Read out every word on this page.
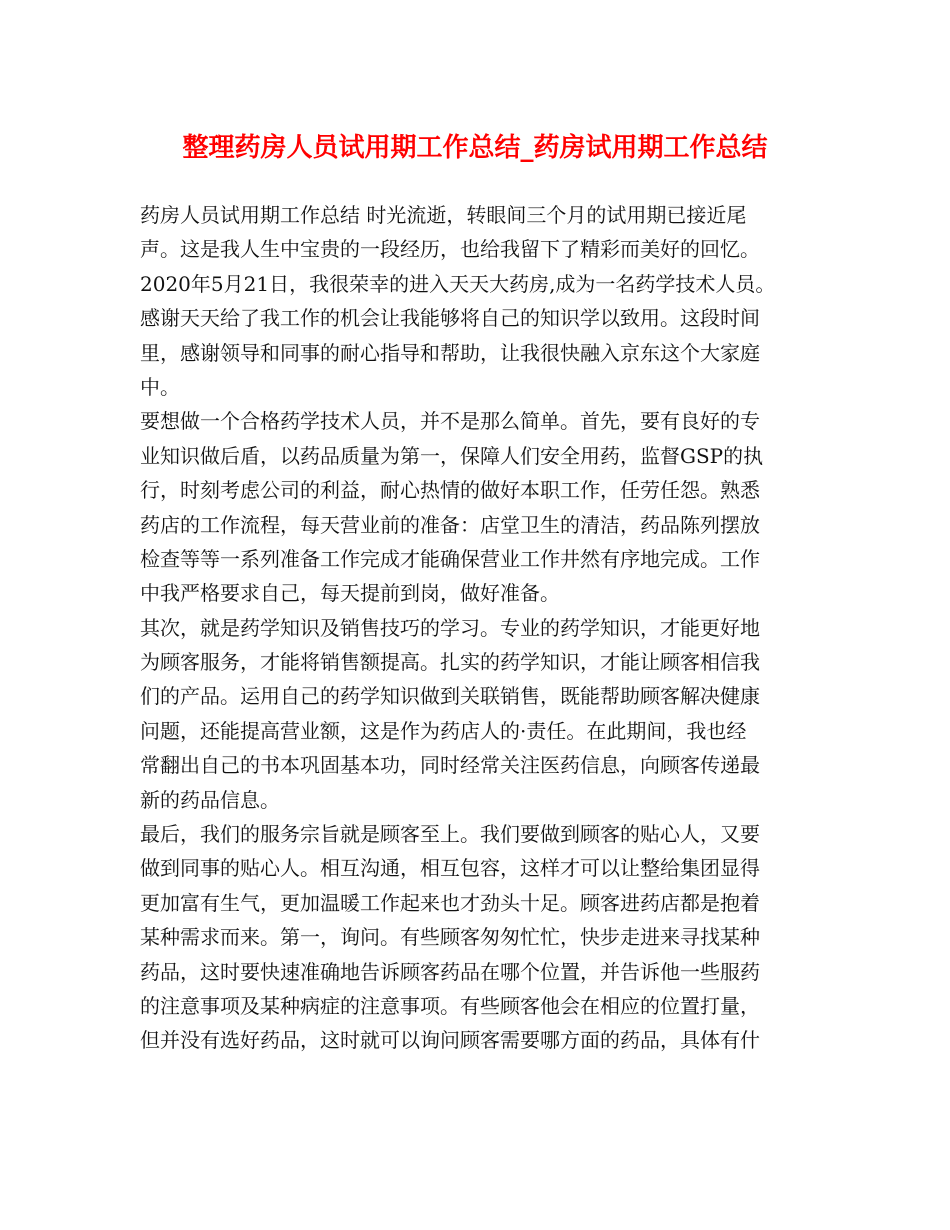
整理药房人员试用期工作总结_药房试用期工作总结
药房人员试用期工作总结 时光流逝，转眼间三个月的试用期已接近尾
声。这是我人生中宝贵的一段经历，也给我留下了精彩而美好的回忆。
2020年5月21日，我很荣幸的进入天天大药房,成为一名药学技术人员。
感谢天天给了我工作的机会让我能够将自己的知识学以致用。这段时间
里，感谢领导和同事的耐心指导和帮助，让我很快融入京东这个大家庭
中。
要想做一个合格药学技术人员，并不是那么简单。首先，要有良好的专
业知识做后盾，以药品质量为第一，保障人们安全用药，监督GSP的执
行，时刻考虑公司的利益，耐心热情的做好本职工作，任劳任怨。熟悉
药店的工作流程，每天营业前的准备：店堂卫生的清洁，药品陈列摆放
检查等等一系列准备工作完成才能确保营业工作井然有序地完成。工作
中我严格要求自己，每天提前到岗，做好准备。
其次，就是药学知识及销售技巧的学习。专业的药学知识，才能更好地
为顾客服务，才能将销售额提高。扎实的药学知识，才能让顾客相信我
们的产品。运用自己的药学知识做到关联销售，既能帮助顾客解决健康
问题，还能提高营业额，这是作为药店人的·责任。在此期间，我也经
常翻出自己的书本巩固基本功，同时经常关注医药信息，向顾客传递最
新的药品信息。
最后，我们的服务宗旨就是顾客至上。我们要做到顾客的贴心人，又要
做到同事的贴心人。相互沟通，相互包容，这样才可以让整给集团显得
更加富有生气，更加温暖工作起来也才劲头十足。顾客进药店都是抱着
某种需求而来。第一，询问。有些顾客匆匆忙忙，快步走进来寻找某种
药品，这时要快速准确地告诉顾客药品在哪个位置，并告诉他一些服药
的注意事项及某种病症的注意事项。有些顾客他会在相应的位置打量，
但并没有选好药品，这时就可以询问顾客需要哪方面的药品，具体有什
